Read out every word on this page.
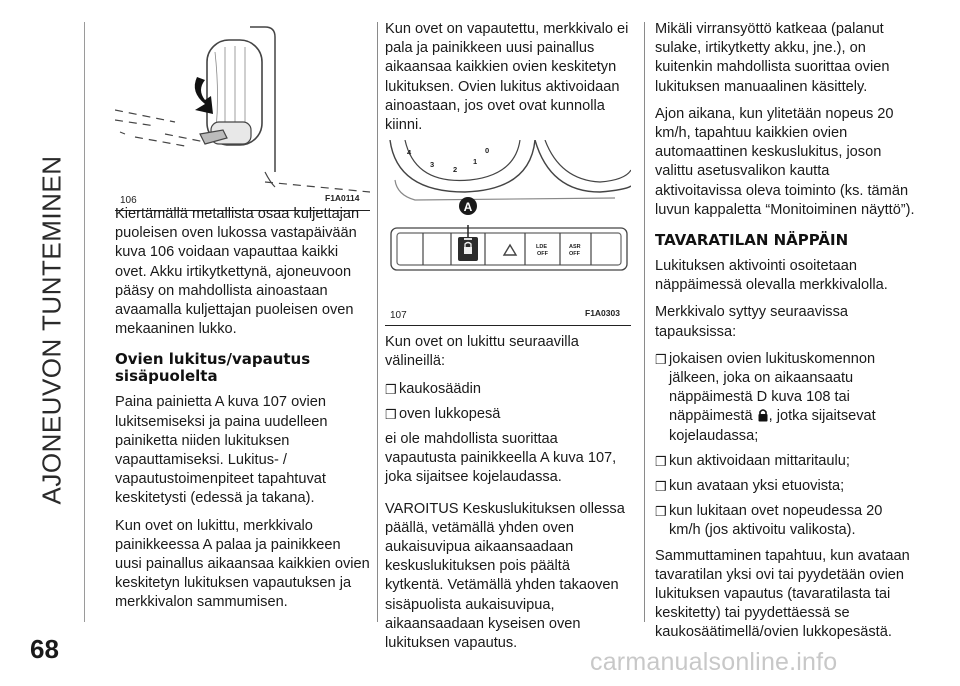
AJONEUVON TUNTEMINEN
68
106	F1A0114
A
4
3
2
1
0
LDE
OFF
ASR
OFF
107	F1A0303

Kiertämällä metallista osaa kuljettajan puoleisen oven lukossa vastapäivään kuva 106 voidaan vapauttaa kaikki ovet. Akku irtikytkettynä, ajoneuvoon pääsy on mahdollista ainoastaan avaamalla kuljettajan puoleisen oven mekaaninen lukko.

Ovien lukitus/vapautus sisäpuolelta

Paina painietta A kuva 107 ovien lukitsemiseksi ja paina uudelleen painiketta niiden lukituksen vapauttamiseksi. Lukitus- / vapautustoimenpiteet tapahtuvat keskitetysti (edessä ja takana).

Kun ovet on lukittu, merkkivalo painikkeessa A palaa ja painikkeen uusi painallus aikaansaa kaikkien ovien keskitetyn lukituksen vapautuksen ja merkkivalon sammumisen.

Kun ovet on vapautettu, merkkivalo ei pala ja painikkeen uusi painallus aikaansaa kaikkien ovien keskitetyn lukituksen. Ovien lukitus aktivoidaan ainoastaan, jos ovet ovat kunnolla kiinni.

Kun ovet on lukittu seuraavilla välineillä:

❒ kaukosäädin
❒ oven lukkopesä

ei ole mahdollista suorittaa vapautusta painikkeella A kuva 107, joka sijaitsee kojelaudassa.

VAROITUS Keskuslukituksen ollessa päällä, vetämällä yhden oven aukaisuvipua aikaansaadaan keskuslukituksen pois päältä kytkentä. Vetämällä yhden takaoven sisäpuolista aukaisuvipua, aikaansaadaan kyseisen oven lukituksen vapautus.

Mikäli virransyöttö katkeaa (palanut sulake, irtikytketty akku, jne.), on kuitenkin mahdollista suorittaa ovien lukituksen manuaalinen käsittely.

Ajon aikana, kun ylitetään nopeus 20 km/h, tapahtuu kaikkien ovien automaattinen keskuslukitus, joson valittu asetusvalikon kautta aktivoitavissa oleva toiminto (ks. tämän luvun kappaletta “Monitoiminen näyttö”).

TAVARATILAN NÄPPÄIN

Lukituksen aktivointi osoitetaan näppäimessä olevalla merkkivalolla.

Merkkivalo syttyy seuraavissa tapauksissa:

❒ jokaisen ovien lukituskomennon jälkeen, joka on aikaansaatu näppäimestä D kuva 108 tai näppäimestä , jotka sijaitsevat kojelaudassa;
❒ kun aktivoidaan mittaritaulu;
❒ kun avataan yksi etuovista;
❒ kun lukitaan ovet nopeudessa 20 km/h (jos aktivoitu valikosta).

Sammuttaminen tapahtuu, kun avataan tavaratilan yksi ovi tai pyydetään ovien lukituksen vapautus (tavaratilasta tai keskitetty) tai pyydettäessä se kaukosäätimellä/ovien lukkopesästä.

carmanualsonline.info
